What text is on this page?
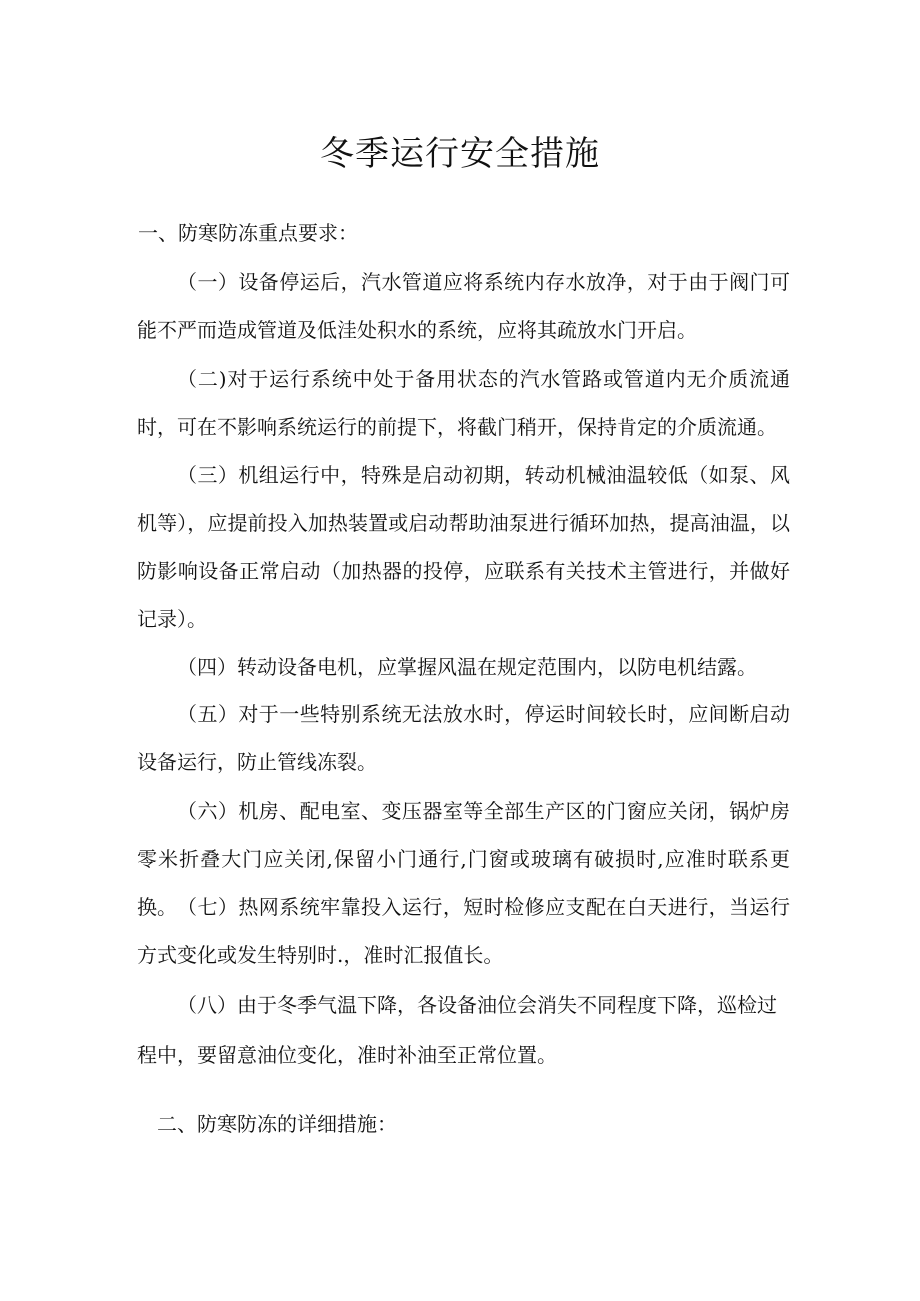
冬季运行安全措施

一、防寒防冻重点要求：

（一）设备停运后，汽水管道应将系统内存水放净，对于由于阀门可能不严而造成管道及低洼处积水的系统，应将其疏放水门开启。

（二)对于运行系统中处于备用状态的汽水管路或管道内无介质流通时，可在不影响系统运行的前提下，将截门稍开，保持肯定的介质流通。

（三）机组运行中，特殊是启动初期，转动机械油温较低（如泵、风机等），应提前投入加热装置或启动帮助油泵进行循环加热，提高油温，以防影响设备正常启动（加热器的投停，应联系有关技术主管进行，并做好记录）。

（四）转动设备电机，应掌握风温在规定范围内，以防电机结露。

（五）对于一些特别系统无法放水时，停运时间较长时，应间断启动设备运行，防止管线冻裂。

（六）机房、配电室、变压器室等全部生产区的门窗应关闭，锅炉房零米折叠大门应关闭,保留小门通行,门窗或玻璃有破损时,应准时联系更换。 （七）热网系统牢靠投入运行，短时检修应支配在白天进行，当运行方式变化或发生特别时.，准时汇报值长。

（八）由于冬季气温下降，各设备油位会消失不同程度下降，巡检过程中，要留意油位变化，准时补油至正常位置。

二、防寒防冻的详细措施：
